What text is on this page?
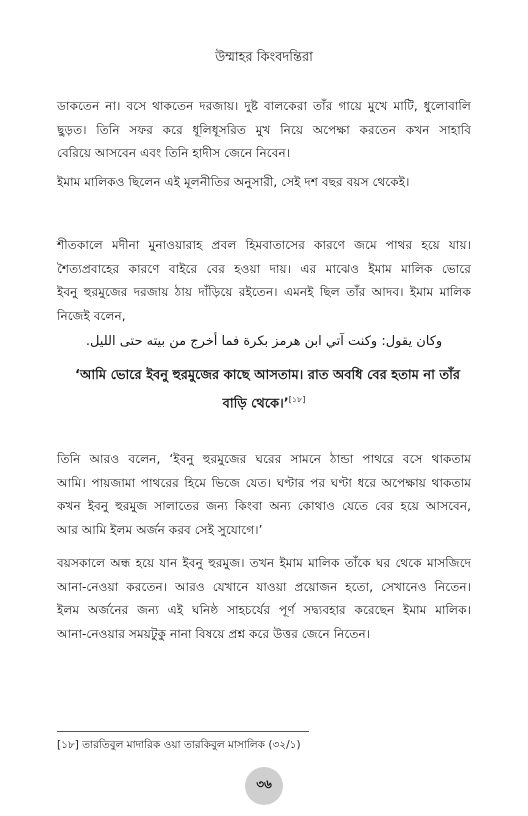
উম্মাহর কিংবদন্তিরা
ডাকতেন না। বসে থাকতেন দরজায়। দুষ্ট বালকেরা তাঁর গায়ে মুখে মাটি, ধুলোবালি
ছুড়ত। তিনি সফর করে ধূলিধূসরিত মুখ নিয়ে অপেক্ষা করতেন কখন সাহাবি
বেরিয়ে আসবেন এবং তিনি হাদীস জেনে নিবেন।
ইমাম মালিকও ছিলেন এই মূলনীতির অনুসারী, সেই দশ বছর বয়স থেকেই।
শীতকালে মদীনা মুনাওয়ারাহ প্রবল হিমবাতাসের কারণে জমে পাথর হয়ে যায়।
শৈত্যপ্রবাহের কারণে বাইরে বের হওয়া দায়। এর মাঝেও ইমাম মালিক ভোরে
ইবনু হুরমুজের দরজায় ঠায় দাঁড়িয়ে রইতেন। এমনই ছিল তাঁর আদব। ইমাম মালিক
নিজেই বলেন,
وكان يقول: وكنت آتي ابن هرمز بكرة فما أخرج من بيته حتى الليل.
‘আমি ভোরে ইবনু হুরমুজের কাছে আসতাম। রাত অবধি বের হতাম না তাঁর
বাড়ি থেকে।’[১৮]
তিনি আরও বলেন, ‘ইবনু হুরমুজের ঘরের সামনে ঠান্ডা পাথরে বসে থাকতাম
আমি। পায়জামা পাথরের হিমে ভিজে যেত। ঘণ্টার পর ঘণ্টা ধরে অপেক্ষায় থাকতাম
কখন ইবনু হুরমুজ সালাতের জন্য কিংবা অন্য কোথাও যেতে বের হয়ে আসবেন,
আর আমি ইলম অর্জন করব সেই সুযোগে।’
বয়সকালে অন্ধ হয়ে যান ইবনু হুরমুজ। তখন ইমাম মালিক তাঁকে ঘর থেকে মাসজিদে
আনা-নেওয়া করতেন। আরও যেখানে যাওয়া প্রয়োজন হতো, সেখানেও নিতেন।
ইলম অর্জনের জন্য এই ঘনিষ্ঠ সাহচর্যের পূর্ণ সদ্ব্যবহার করেছেন ইমাম মালিক।
আনা-নেওয়ার সময়টুকু নানা বিষয়ে প্রশ্ন করে উত্তর জেনে নিতেন।
[১৮] তারতিবুল মাদারিক ওয়া তারকিবুল মাসালিক (৩২/১)
৩৬
